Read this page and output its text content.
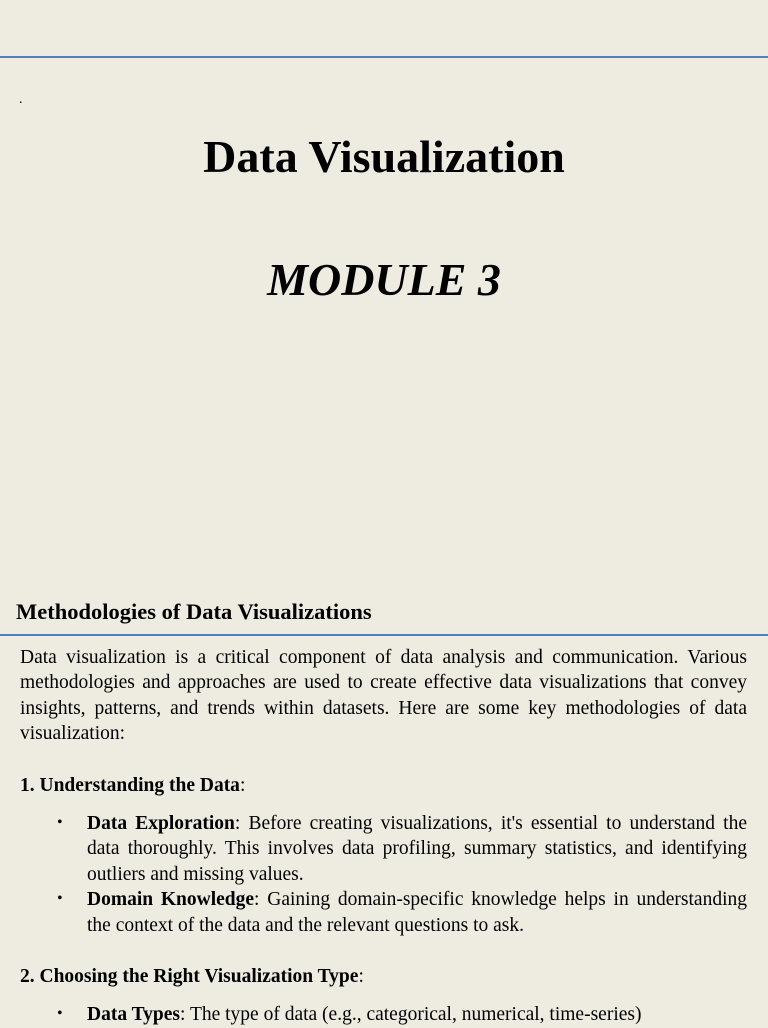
.
Data Visualization
MODULE 3
Methodologies of Data Visualizations

Data visualization is a critical component of data analysis and communication. Various methodologies and approaches are used to create effective data visualizations that convey insights, patterns, and trends within datasets. Here are some key methodologies of data visualization:

1. Understanding the Data:

• Data Exploration: Before creating visualizations, it's essential to understand the data thoroughly. This involves data profiling, summary statistics, and identifying outliers and missing values.
• Domain Knowledge: Gaining domain-specific knowledge helps in understanding the context of the data and the relevant questions to ask.

2. Choosing the Right Visualization Type:

• Data Types: The type of data (e.g., categorical, numerical, time-series)
